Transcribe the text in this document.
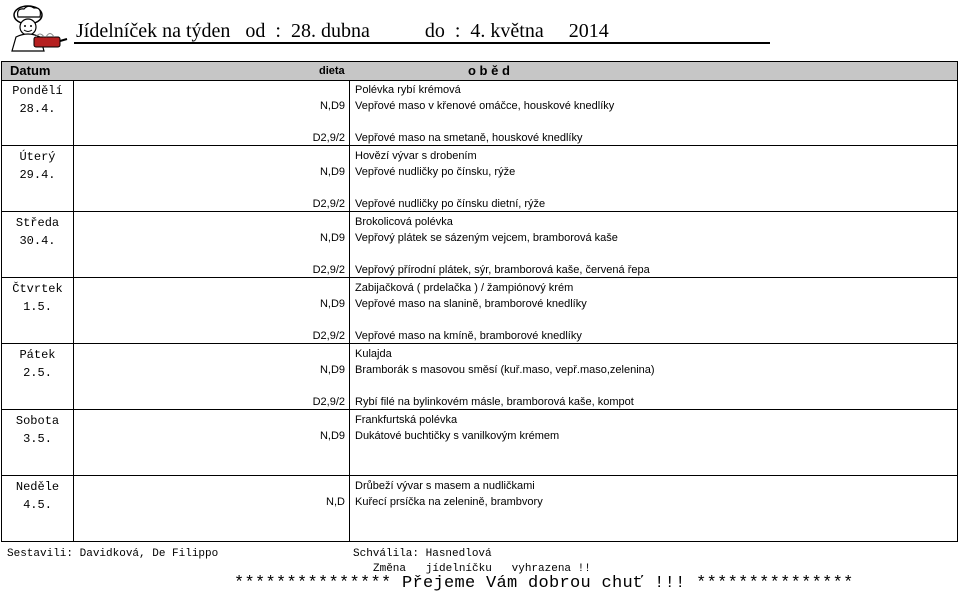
Jídelníček na týden   od  :  28. dubna           do  :  4. května     2014
Datum	dieta	o b ě d
Pondělí
28.4.
Polévka rybí krémová
N,D9 Vepřové maso v křenové omáčce, houskové knedlíky
D2,9/2 Vepřové maso na smetaně, houskové knedlíky
Úterý
29.4.
Hovězí vývar s drobením
N,D9 Vepřové nudličky po čínsku, rýže
D2,9/2 Vepřové nudličky po čínsku dietní, rýže
Středa
30.4.
Brokolicová polévka
N,D9 Vepřový plátek se sázeným vejcem, bramborová kaše
D2,9/2 Vepřový přírodní plátek, sýr, bramborová kaše, červená řepa
Čtvrtek
1.5.
Zabijačková ( prdelačka ) / žampiónový krém
N,D9 Vepřové maso na slanině, bramborové knedlíky
D2,9/2 Vepřové maso na kmíně, bramborové knedlíky
Pátek
2.5.
Kulajda
N,D9 Bramborák s masovou směsí (kuř.maso, vepř.maso,zelenina)
D2,9/2 Rybí filé na bylinkovém másle, bramborová kaše, kompot
Sobota
3.5.
Frankfurtská polévka
N,D9 Dukátové buchtičky s vanilkovým krémem
Neděle
4.5.
Drůbeží vývar s masem a nudličkami
N,D Kuřecí prsíčka na zelenině, brambvory
Sestavili: Davidková, De Filippo	Schválila: Hasnedlová
Změna   jídelníčku   vyhrazena !!
*************** Přejeme Vám dobrou chuť !!! ***************
